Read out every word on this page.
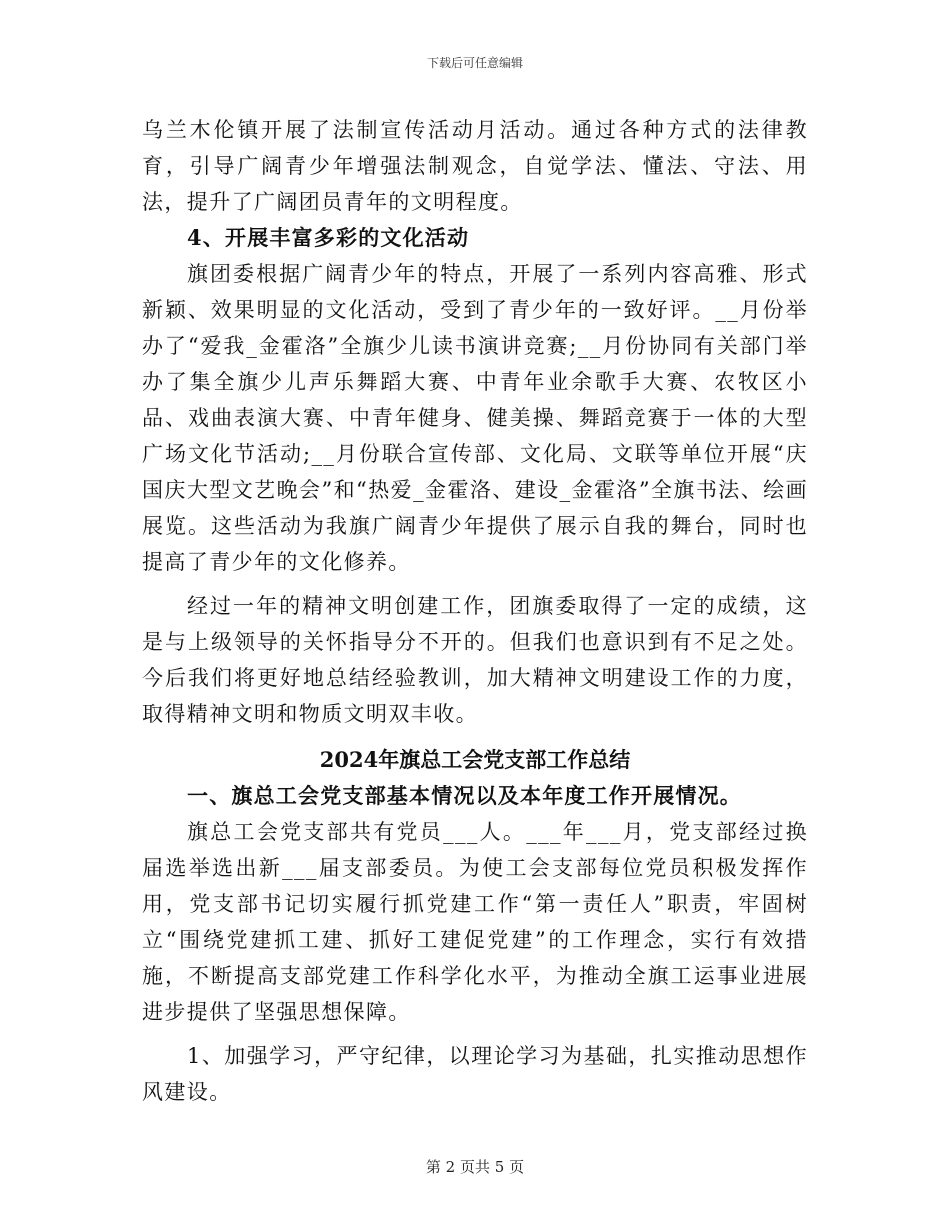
下载后可任意编辑

乌兰木伦镇开展了法制宣传活动月活动。通过各种方式的法律教育，引导广阔青少年增强法制观念，自觉学法、懂法、守法、用法，提升了广阔团员青年的文明程度。

4、开展丰富多彩的文化活动

旗团委根据广阔青少年的特点，开展了一系列内容高雅、形式新颖、效果明显的文化活动，受到了青少年的一致好评。__月份举办了“爱我_金霍洛”全旗少儿读书演讲竞赛;__月份协同有关部门举办了集全旗少儿声乐舞蹈大赛、中青年业余歌手大赛、农牧区小品、戏曲表演大赛、中青年健身、健美操、舞蹈竞赛于一体的大型广场文化节活动;__月份联合宣传部、文化局、文联等单位开展“庆国庆大型文艺晚会”和“热爱_金霍洛、建设_金霍洛”全旗书法、绘画展览。这些活动为我旗广阔青少年提供了展示自我的舞台，同时也提高了青少年的文化修养。

经过一年的精神文明创建工作，团旗委取得了一定的成绩，这是与上级领导的关怀指导分不开的。但我们也意识到有不足之处。今后我们将更好地总结经验教训，加大精神文明建设工作的力度，取得精神文明和物质文明双丰收。

2024年旗总工会党支部工作总结

一、旗总工会党支部基本情况以及本年度工作开展情况。

旗总工会党支部共有党员___人。___年___月，党支部经过换届选举选出新___届支部委员。为使工会支部每位党员积极发挥作用，党支部书记切实履行抓党建工作“第一责任人”职责，牢固树立“围绕党建抓工建、抓好工建促党建”的工作理念，实行有效措施，不断提高支部党建工作科学化水平，为推动全旗工运事业进展进步提供了坚强思想保障。

1、加强学习，严守纪律，以理论学习为基础，扎实推动思想作风建设。

第 2 页共 5 页
